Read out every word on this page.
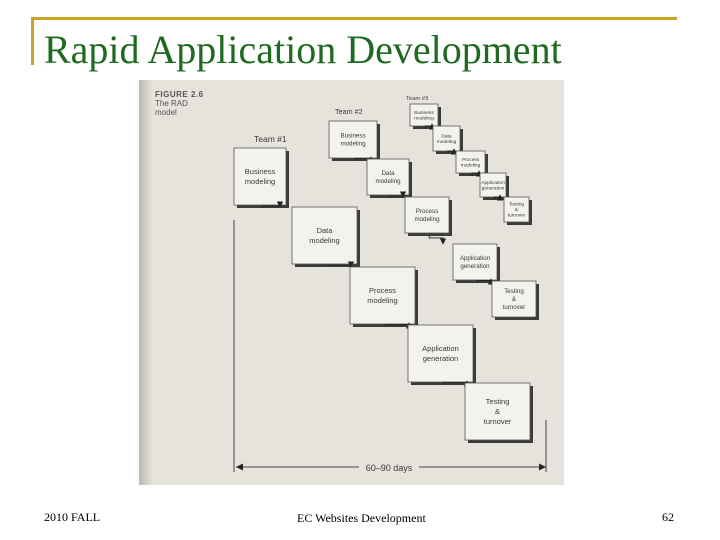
Rapid Application Development
FIGURE 2.6
The RAD
model
Team #1
Business
modeling
Data
modeling
Process
modeling
Application
generation
Testing
&
turnover
Team #2
Business
modeling
Data
modeling
Process
modeling
Application
generation
Testing
&
turnover
Team #3
Business
modeling
Data
modeling
Process
modeling
Application
generation
Testing
&
turnover
60–90 days
2010 FALL	EC Websites Development	62
